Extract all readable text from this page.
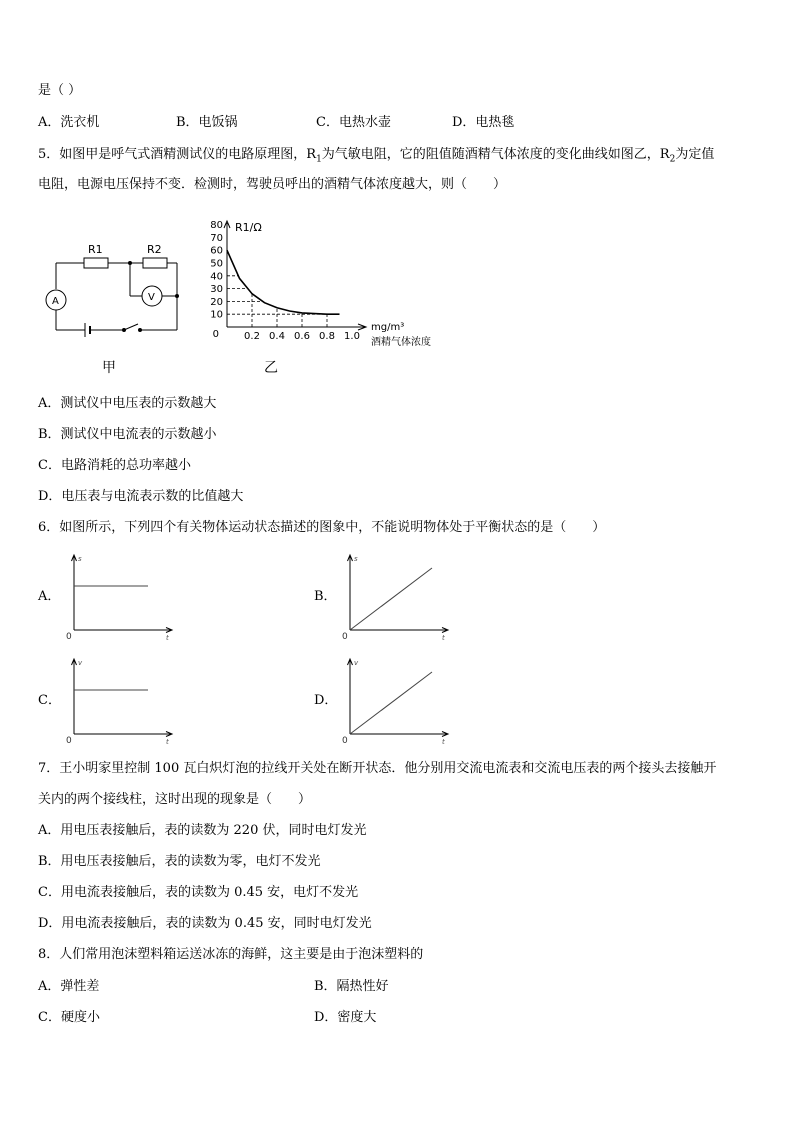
是（ ）
A．洗衣机	B．电饭锅	C．电热水壶	D．电热毯
5．如图甲是呼气式酒精测试仪的电路原理图，$R_1$为气敏电阻，它的阻值随酒精气体浓度的变化曲线如图乙，$R_2$为定值
电阻，电源电压保持不变．检测时，驾驶员呼出的酒精气体浓度越大，则（　　）
R1	R2
A	V
甲
80
70
60
50
40
30
20
10
0	0.2 0.4 0.6 0.8 1.0
R1/Ω
mg/m³
酒精气体浓度
乙
A．测试仪中电压表的示数越大
B．测试仪中电流表的示数越小
C．电路消耗的总功率越小
D．电压表与电流表示数的比值越大
6．如图所示，下列四个有关物体运动状态描述的图象中，不能说明物体处于平衡状态的是（　　）
A．	B．
C．	D．
s
t
0
s
t
0
v
t
0
v
t
0
7．王小明家里控制 100 瓦白炽灯泡的拉线开关处在断开状态．他分别用交流电流表和交流电压表的两个接头去接触开
关内的两个接线柱，这时出现的现象是（　　）
A．用电压表接触后，表的读数为 220 伏，同时电灯发光
B．用电压表接触后，表的读数为零，电灯不发光
C．用电流表接触后，表的读数为 0.45 安，电灯不发光
D．用电流表接触后，表的读数为 0.45 安，同时电灯发光
8．人们常用泡沫塑料箱运送冰冻的海鲜，这主要是由于泡沫塑料的
A．弹性差	B．隔热性好
C．硬度小	D．密度大
